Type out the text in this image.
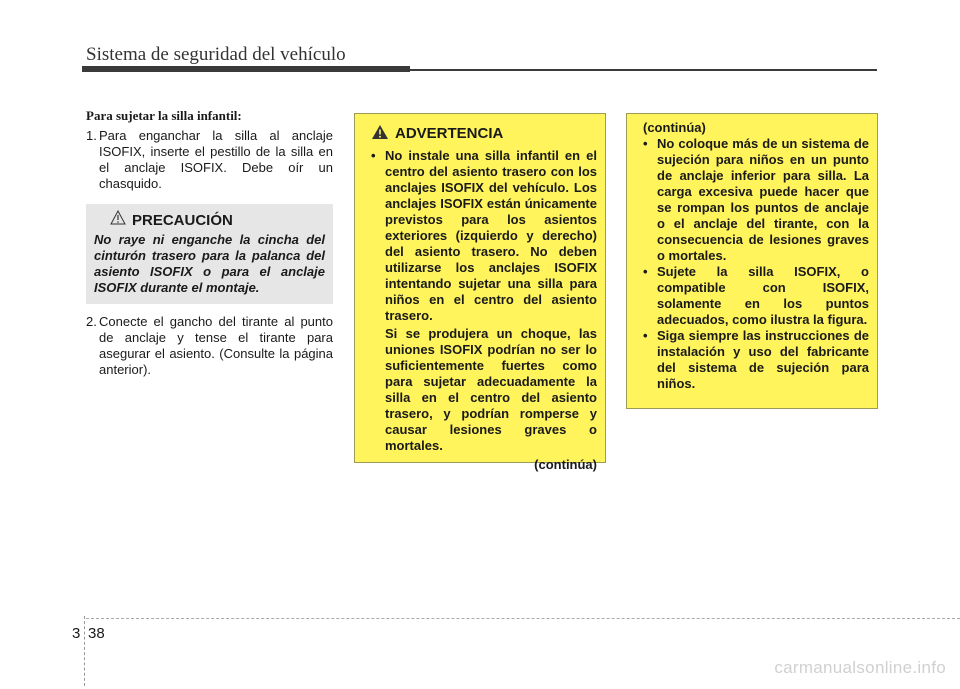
Sistema de seguridad del vehículo
Para sujetar la silla infantil:
1. Para enganchar la silla al anclaje ISOFIX, inserte el pestillo de la silla en el anclaje ISOFIX. Debe oír un chasquido.
PRECAUCIÓN
No raye ni enganche la cincha del cinturón trasero para la palanca del asiento ISOFIX o para el anclaje ISOFIX durante el montaje.
2. Conecte el gancho del tirante al punto de anclaje y tense el tirante para asegurar el asiento. (Consulte la página anterior).
ADVERTENCIA
• No instale una silla infantil en el centro del asiento trasero con los anclajes ISOFIX del vehículo. Los anclajes ISOFIX están únicamente previstos para los asientos exteriores (izquierdo y derecho) del asiento trasero. No deben utilizarse los anclajes ISOFIX intentando sujetar una silla para niños en el centro del asiento trasero.
Si se produjera un choque, las uniones ISOFIX podrían no ser lo suficientemente fuertes como para sujetar adecuadamente la silla en el centro del asiento trasero, y podrían romperse y causar lesiones graves o mortales.
(continúa)
(continúa)
• No coloque más de un sistema de sujeción para niños en un punto de anclaje inferior para silla. La carga excesiva puede hacer que se rompan los puntos de anclaje o el anclaje del tirante, con la consecuencia de lesiones graves o mortales.
• Sujete la silla ISOFIX, o compatible con ISOFIX, solamente en los puntos adecuados, como ilustra la figura.
• Siga siempre las instrucciones de instalación y uso del fabricante del sistema de sujeción para niños.
3 38
carmanualsonline.info
